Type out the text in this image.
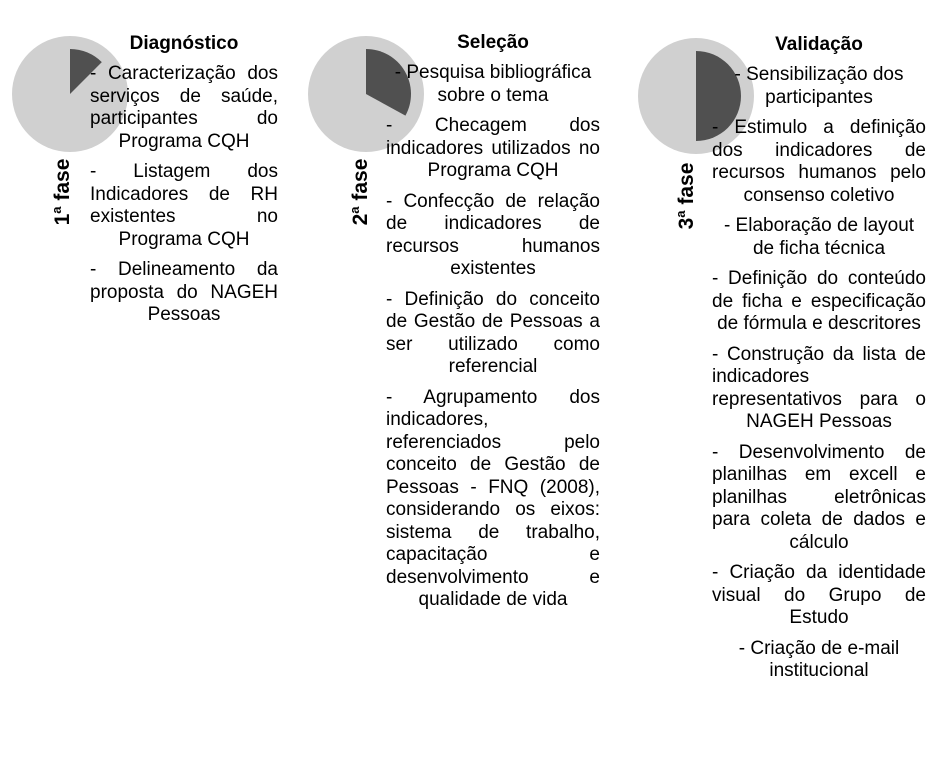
1$^a$ fase
Diagnóstico
- Caracterização dos serviços de saúde, participantes do Programa CQH
- Listagem dos Indicadores de RH existentes no Programa CQH
- Delineamento da proposta do NAGEH Pessoas
2$^a$ fase
Seleção
- Pesquisa bibliográfica sobre o tema
- Checagem dos indicadores utilizados no Programa CQH
- Confecção de relação de indicadores de recursos humanos existentes
- Definição do conceito de Gestão de Pessoas a ser utilizado como referencial
- Agrupamento dos indicadores, referenciados pelo conceito de Gestão de Pessoas - FNQ (2008), considerando os eixos: sistema de trabalho, capacitação e desenvolvimento e qualidade de vida
3$^a$ fase
Validação
- Sensibilização dos participantes
- Estimulo a definição dos indicadores de recursos humanos pelo consenso coletivo
- Elaboração de layout de ficha técnica
- Definição do conteúdo de ficha e especificação de fórmula e descritores
- Construção da lista de indicadores representativos para o NAGEH Pessoas
- Desenvolvimento de planilhas em excell e planilhas eletrônicas para coleta de dados e cálculo
- Criação da identidade visual do Grupo de Estudo
- Criação de e-mail institucional
